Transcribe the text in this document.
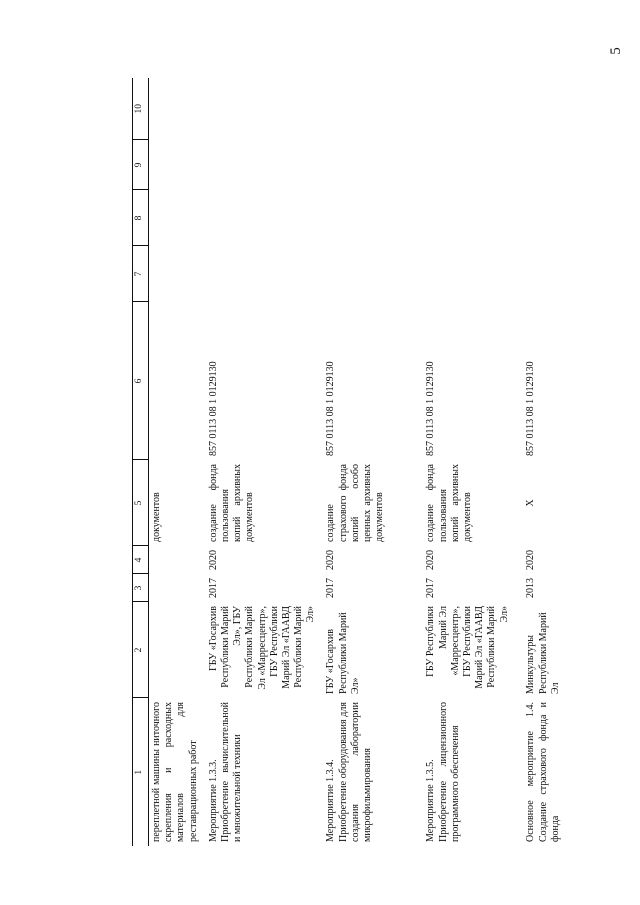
5
1	2	3	4	5	6	7	8	9	10
переплетной машины ниточного скрепления и расходных материалов для реставрационных работ				документов					
Мероприятие 1.3.3.
Приобретение вычислительной и множительной техники	ГБУ «Госархив Республики Марий Эл», ГБУ Республики Марий Эл «Марресцентр», ГБУ Республики Марий Эл «ГААВД Республики Марий Эл»	2017	2020	создание фонда пользования копий архивных документов	857 0113 08 1 0129130				
Мероприятие 1.3.4.
Приобретение оборудования для создания лаборатории микрофильмирования	ГБУ «Госархив Республики Марий Эл»	2017	2020	создание страхового фонда копий особо ценных архивных документов	857 0113 08 1 0129130				
Мероприятие 1.3.5.
Приобретение лицензионного программного обеспечения	ГБУ Республики Марий Эл «Марресцентр», ГБУ Республики Марий Эл «ГААВД Республики Марий Эл»	2017	2020	создание фонда пользования копий архивных документов	857 0113 08 1 0129130				
Основное мероприятие 1.4. Создание страхового фонда и фонда	Минкультуры Республики Марий Эл	2013	2020	X	857 0113 08 1 0129130				
